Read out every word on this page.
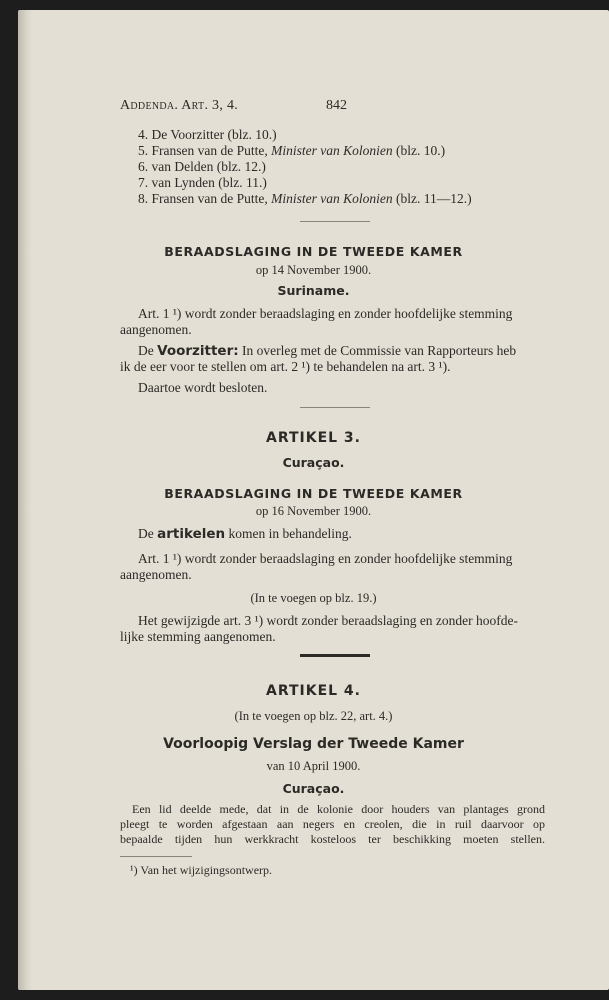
Addenda. Art. 3, 4.	842
4. De Voorzitter (blz. 10.)
5. Fransen van de Putte, Minister van Kolonien (blz. 10.)
6. van Delden (blz. 12.)
7. van Lynden (blz. 11.)
8. Fransen van de Putte, Minister van Kolonien (blz. 11—12.)
BERAADSLAGING IN DE TWEEDE KAMER
op 14 November 1900.
Suriname.
Art. 1 ¹) wordt zonder beraadslaging en zonder hoofdelijke stemming
aangenomen.
De Voorzitter: In overleg met de Commissie van Rapporteurs heb
ik de eer voor te stellen om art. 2 ¹) te behandelen na art. 3 ¹).
Daartoe wordt besloten.
ARTIKEL 3.
Curaçao.
BERAADSLAGING IN DE TWEEDE KAMER
op 16 November 1900.
De artikelen komen in behandeling.
Art. 1 ¹) wordt zonder beraadslaging en zonder hoofdelijke stemming
aangenomen.
(In te voegen op blz. 19.)
Het gewijzigde art. 3 ¹) wordt zonder beraadslaging en zonder hoofde-
lijke stemming aangenomen.
ARTIKEL 4.
(In te voegen op blz. 22, art. 4.)
Voorloopig Verslag der Tweede Kamer
van 10 April 1900.
Curaçao.
Een lid deelde mede, dat in de kolonie door houders van plantages grond
pleegt te worden afgestaan aan negers en creolen, die in ruil daarvoor op
bepaalde tijden hun werkkracht kosteloos ter beschikking moeten stellen.
¹) Van het wijzigingsontwerp.
